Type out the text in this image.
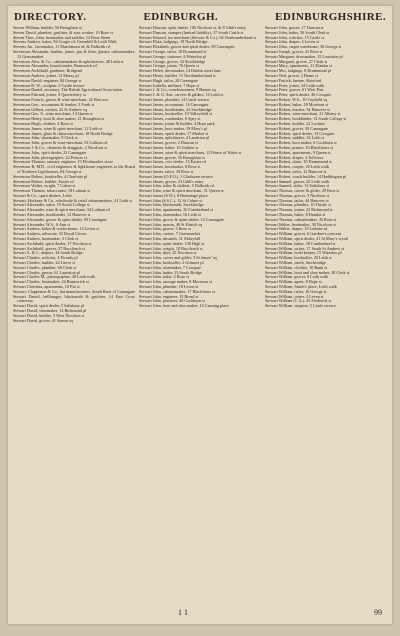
DIRECTORY.	EDINBURGH.	EDINBURGHSHIRE.
Steven William, builder, 56 Broughton st
Steven David, plumber, gasfitter, & zinc worker, 10 Rose st
Steven Thos. John, bootmaker and saddler, 12 Rose Street
Stevens Andrew, baker, 84 Gorgie rd; Greenhill & Leith Walk
Stevens Jas., bootmaker, 11 Marchmont rd; & Dalkeith rd
Stevenson Alexander, builder, joiner, gas & fitter, glasier, cabinetmaker, 13 Grassmarket
Stevenson Alex. & Co., cabinetmakers & upholsterers, 48 Leith st
Stevenson Alexander, brassfounder, Brunswick rd
Stevenson Archibald, gardener, Bridgend
Stevenson Andrew, joiner, 12 Moray pl
Stevenson David, engineer, 84 George st
Stevenson D. W., sculptor, 2 Castle terrace
Stevenson Daniel, secretary, The British Agricultural Association
Stevenson Edward, joiner, 9 Queensferry st
Stevenson Francis, grocer & wine merchant, 32 Elm row
Stevenson Geo., accountant & banker, 3 Forth st
Stevenson Gilbert, cashier, 22 St Andrew sq
Stevenson Geo. S., wine merchant, 14 Queen st
Stevenson Henry, boot & shoe maker, 21 Broughton st
Stevenson Hugh, clothier, 4 Rose st
Stevenson James, wine & spirit merchant, 12 Leith st
Stevenson James, glass & china merchant, 18 North Bridge
Stevenson John, shoemaker, 8 Clerk st
Stevenson John, grocer & wine merchant, 53 Lothian rd
Stevenson J. & Co., chemists & druggists, 2 Nicolson st
Stevenson John, spirit dealer, 23 Canongate
Stevenson John, photographer, 22 Princes st
Stevenson Thomas, sanitary engineer, 15 Fleshmarket close
Stevenson R. M'D., civil engineers & lighthouse engineers to the Board of Northern Lighthouses, 84 George st
Stevenson Robert, bookseller, 4 Charlotte pl
Stevenson Robert, builder, Easter rd
Stevenson Walter, wright, 7 Calton st
Stevenson Thomas, tobacconist, 18 Lothian st
Stewart & Co., spirit dealers, Leith
Stewart, Hackney & Co., wholesale & retail cabinetmakers, 41 Leith st
Stewart Alexander, tailor, 19 South College st
Stewart Alexander, wine & spirit merchant, 34 Lothian rd
Stewart Alexander, bookbinder, 12 Hanover st
Stewart Alexander, grocer & spirit dealer, 69 Canongate
Stewart Alexander, W.S., 6 Ann st
Stewart Andrew, baker & confectioner, 13 Leven st
Stewart Andrew, advocate, 32 Royal Circus
Stewart Andrew, bootmaker, 3 Clerk st
Stewart Archibald, spirit dealer, 17 Nicolson st
Stewart Archibald, grocer, 27 Buccleuch st
Stewart A. & J., drapers, 34 South Bridge
Stewart Charles, solicitor, 4 Picardy pl
Stewart Charles, builder, 24 Grove st
Stewart Charles, plumber, 66 Clerk st
Stewart Charles, grocer, 61 Lauriston pl
Stewart Charles M., photographer, 48 Leith walk
Stewart Charles, bootmaker, 24 Brunswick st
Stewart Christina, apartments, 10 Pitt st
Stewart, Clapperton & Co., hat manufacturers, South Back of Canongate
Stewart Daniel, bellhanger, blacksmith & gasfitter, 14 East Cross causeway
Stewart David, spirit dealer, 5 Salisbury pl
Stewart David, shoemaker, 14 Richmond pl
Stewart David, builder, 3 West Nicolson st
Stewart David, grocer, 41 Simon sq
Stewart Duncan, spirit dealer, 106 Nicolson st, & 8 Gibb's entry
Stewart Duncan, stamper (limited liability), 37 South Castle st
Stewart Edward, tea merchant (Stewart & Co.), 64 Northumberland st
Stewart Eliza, lodgings, 19 North Bridge
Stewart Elizabeth, grocer and spirit dealer, 69 Canongate
Stewart George, tailor, 10 Drummond st
Stewart George, stationer, 6 Waterloo pl
Stewart George, grocer, 32 Stockbridge
Stewart George, joiner, 76 Queen st
Stewart Helen, dressmaker, 14 Dublin street lane
Stewart Henry, builder, 15 Northumberland st
Stewart Hugh, tailor, 20 Canongate
Stewart Isabella, milliner, 7 Hope st
Stewart J. & Co., warehousemen, 9 Hunter sq
Stewart J. & G. Son, carvers & gilders, 16 Leith st
Stewart James, plumber, 14 Castle terrace
Stewart James, accountant, 14 Canongate
Stewart James, bookbinder, 22 Stockbridge
Stewart James, bookseller, 10 Valleyfield st
Stewart James, roadmaker, 8 Spey st
Stewart James, joiner & builder, 4 Hope park
Stewart James, boot maker, 19 Mary's pl
Stewart James, spirit dealer, 17 Market st
Stewart James, upholsterer, 4 Lauriston pl
Stewart James, grocer, 2 Duncan st
Stewart James, baker, 10 Guthrie st
Stewart James, wine & spirit merchant, 12 Prince of Wales st
Stewart James, grocer, 56 Broughton st
Stewart James, cow feeder, 13 Easter rd
Stewart James, bootmaker, 8 Rose st
Stewart James, tailor, 38 Rose st
Stewart James (O.F.O.), 3 Gladstone terrace
Stewart James, grocer, 23 Gibb's entry
Stewart John, tailor & clothier, 5 Dalkeith rd
Stewart John, wine & spirit merchant, 31 Queen st
Stewart James (S.W.), 8 Hermitage place
Stewart John (S.S.C.), 12 St Colme st
Stewart John, blacksmith, Stockbridge
Stewart John, apartments, 30 Cumberland st
Stewart John, shoemaker, 16 Leith st
Stewart John, grocer & spirit dealer, 12 Canongate
Stewart John, mason, 48 St Patrick sq
Stewart John, grocer, 3 Rose st
Stewart John, carrier, 7 Grassmarket
Stewart John, tinsmith, 31 Abbeyhill
Stewart John, spirit dealer, 136 High st
Stewart John, wright, 18 Buccleuch st
Stewart John, dyer, 25 Nicolson st
Stewart John, carver and gilder, 3 St James' sq
Stewart John, bookseller, 2 Gilmore pl
Stewart John, shoemaker, 7 Cowgate
Stewart John, hatter, 23 South Bridge
Stewart John, tailor, 2 Rose st
Stewart John, sausage maker, 8 Morrison st
Stewart John, plumber, 18 Leven st
Stewart John, cabinetmaker, 17 Blackfriars st
Stewart John, engineer, 13 Bread st
Stewart John, plasterer, 48 Cockburn st
Stewart John, boot and shoe maker, 16 Canning place
Stewart John, grocer, 17 Duncan st
Stewart John, baker, 56 South Clerk st
Stewart John, solicitor, 15 Castle st
Stewart John, draper, 4 Leven st
Stewart John, carpet warehouse, 36 George st
Stewart Joseph, grocer, 41 Rose st
Stewart Margaret, dressmaker, 15 Lauriston pl
Stewart Margaret, grocer, 27 Clerk st
Stewart Mary, apartments, 21 Dundas st
Stewart Mrs, lodgings, 8 Drummond pl
Stewart Neil, grocer, 2 Home st
Stewart Patrick, farmer, Slateford
Stewart Peter, joiner, 34 Leith walk
Stewart Peter, grocer, 61 West Port
Stewart Peter, spirit dealer, 46 Cowgate
Stewart Robert, W.S., 10 Gayfield sq
Stewart Robert, baker, 18 Morrison st
Stewart Robert, teacher, 34 Hanover st
Stewart Robert, wine merchant, 21 Albany st
Stewart Robert, bookbinder, 14 South College st
Stewart Robert, builder, 22 Lochrin
Stewart Robert, grocer, 30 Canongate
Stewart Robert, spirit dealer, 13 Cowgate
Stewart Robert, saddler, 32 Leith st
Stewart Robert, boot maker, 6 Cockburn st
Stewart Robert, printer, 16 Blackfriars st
Stewart Robert, apartments, 9 Queen st
Stewart Robert, draper, 4 Tollcross
Stewart Robert, slater, 10 Drummond st
Stewart Robert, cooper, 20 Leith walk
Stewart Robert, tailor, 12 Hanover st
Stewart Robert, coach builder, 14 Haddington pl
Stewart Samuel, grocer, 20 Leith walk
Stewart Samuel, tailor, 12 Salisbury st
Stewart Thomas, carver & gilder, 29 Rose st
Stewart Thomas, grocer, 5 Nicolson st
Stewart Thomas, tailor, 44 Hanover st
Stewart Thomas, plumber, 16 Thistle st
Stewart Thomas, joiner, 22 Richmond st
Stewart Thomas, baker, 8 Dundas st
Stewart Thomas, cabinetmaker, 45 Rose st
Stewart Walter, bootmaker, 30 Nicolson st
Stewart Walter, draper, 10 Lothian rd
Stewart William, grocer, 6 Gardner's crescent
Stewart William, spirit dealer, 41 St Mary's wynd
Stewart William, baker, 38 Cumberland st
Stewart William, writer, 17 South St Andrew st
Stewart William, hotel keeper, 15 Waterloo pl
Stewart William, bookseller, 20 Leith st
Stewart William, smith, Stockbridge
Stewart William, clothier, 10 Bank st
Stewart William, boot and shoe maker, 28 Clerk st
Stewart William, grocer, 8 Leith walk
Stewart William, agent, 8 Hope st
Stewart William, Smith's place, Leith walk
Stewart William, tailor, 16 George st
Stewart William, joiner, 4 Leven st
Stewart William (C.A.), 45 Frederick st
Stewart William, surgeon, 5 Castle terrace
1 1	99
